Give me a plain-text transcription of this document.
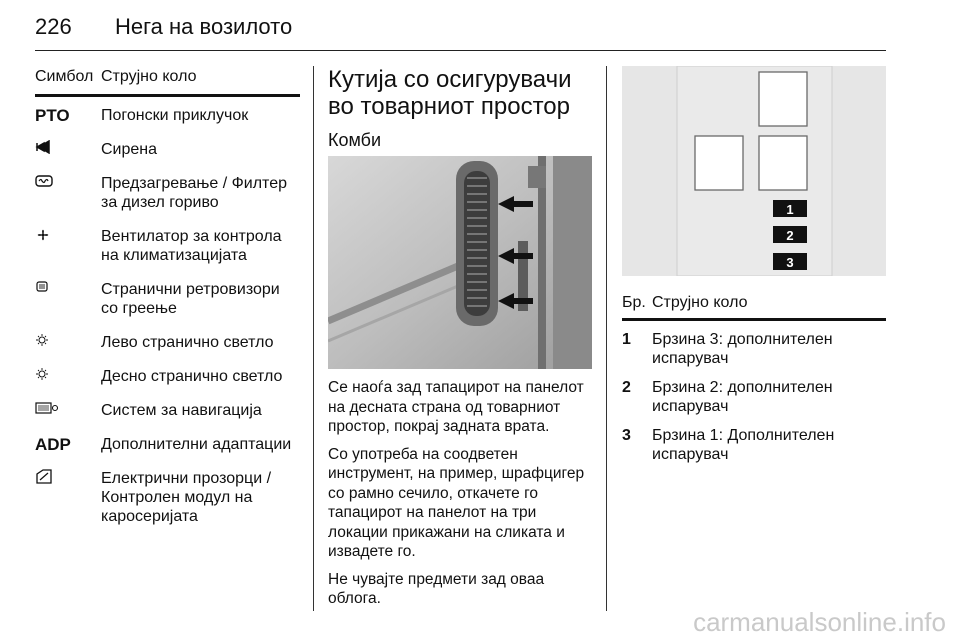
226 Нега на возилото
Симбол Струјно коло
PTO	Погонски приклучок
Сирена
Предзагревање / Филтер за дизел гориво
Вентилатор за контрола на климатизацијата
Странични ретровизори со греење
Лево странично светло
Десно странично светло
Систем за навигација
ADP	Дополнителни адаптации
Електрични прозорци / Контролен модул на каросеријата
Кутија со осигурувачи во товарниот простор
Комби

Се наоѓа зад тапацирот на панелот на десната страна од товарниот простор, покрај задната врата.

Со употреба на соодветен инструмент, на пример, шрафцигер со рамно сечило, откачете го тапацирот на панелот на три локации прикажани на сликата и извадете го.

Не чувајте предмети зад оваа облога.

1
2
3
Бр. Струјно коло
1	Брзина 3: дополнителен испарувач
2	Брзина 2: дополнителен испарувач
3	Брзина 1: Дополнителен испарувач
carmanualsonline.info
